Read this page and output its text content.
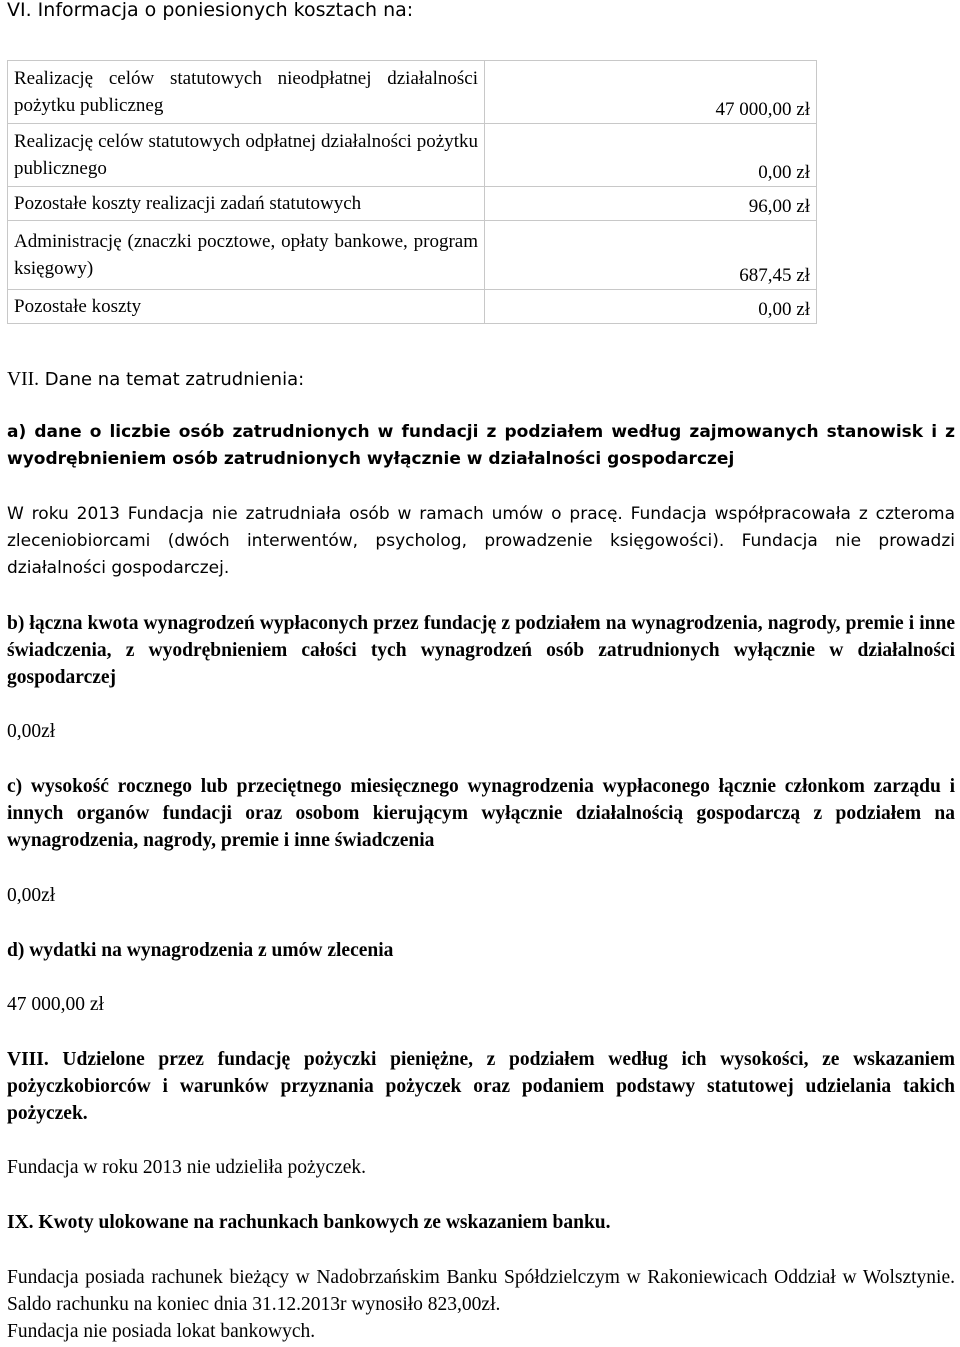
VI. Informacja o poniesionych kosztach na:
Realizację celów statutowych nieodpłatnej działalności pożytku publiczneg	47 000,00 zł
Realizację celów statutowych odpłatnej działalności pożytku publicznego	0,00 zł
Pozostałe koszty realizacji zadań statutowych	96,00 zł
Administrację (znaczki pocztowe, opłaty bankowe, program księgowy)	687,45 zł
Pozostałe koszty	0,00 zł
VII. Dane na temat zatrudnienia:
a) dane o liczbie osób zatrudnionych w fundacji z podziałem według zajmowanych stanowisk i z wyodrębnieniem osób zatrudnionych wyłącznie w działalności gospodarczej
W roku 2013 Fundacja nie zatrudniała osób w ramach umów o pracę. Fundacja współpracowała z czteroma zleceniobiorcami (dwóch interwentów, psycholog, prowadzenie księgowości). Fundacja nie prowadzi działalności gospodarczej.
b) łączna kwota wynagrodzeń wypłaconych przez fundację z podziałem na wynagrodzenia, nagrody, premie i inne świadczenia, z wyodrębnieniem całości tych wynagrodzeń osób zatrudnionych wyłącznie w działalności gospodarczej
0,00zł
c) wysokość rocznego lub przeciętnego miesięcznego wynagrodzenia wypłaconego łącznie członkom zarządu i innych organów fundacji oraz osobom kierującym wyłącznie działalnością gospodarczą z podziałem na wynagrodzenia, nagrody, premie i inne świadczenia
0,00zł
d) wydatki na wynagrodzenia z umów zlecenia
47 000,00 zł
VIII. Udzielone przez fundację pożyczki pieniężne, z podziałem według ich wysokości, ze wskazaniem pożyczkobiorców i warunków przyznania pożyczek oraz podaniem podstawy statutowej udzielania takich pożyczek.
Fundacja w roku 2013 nie udzieliła pożyczek.
IX. Kwoty ulokowane na rachunkach bankowych ze wskazaniem banku.
Fundacja posiada rachunek bieżący w Nadobrzańskim Banku Spółdzielczym w Rakoniewicach Oddział w Wolsztynie. Saldo rachunku na koniec dnia 31.12.2013r wynosiło 823,00zł.
Fundacja nie posiada lokat bankowych.
